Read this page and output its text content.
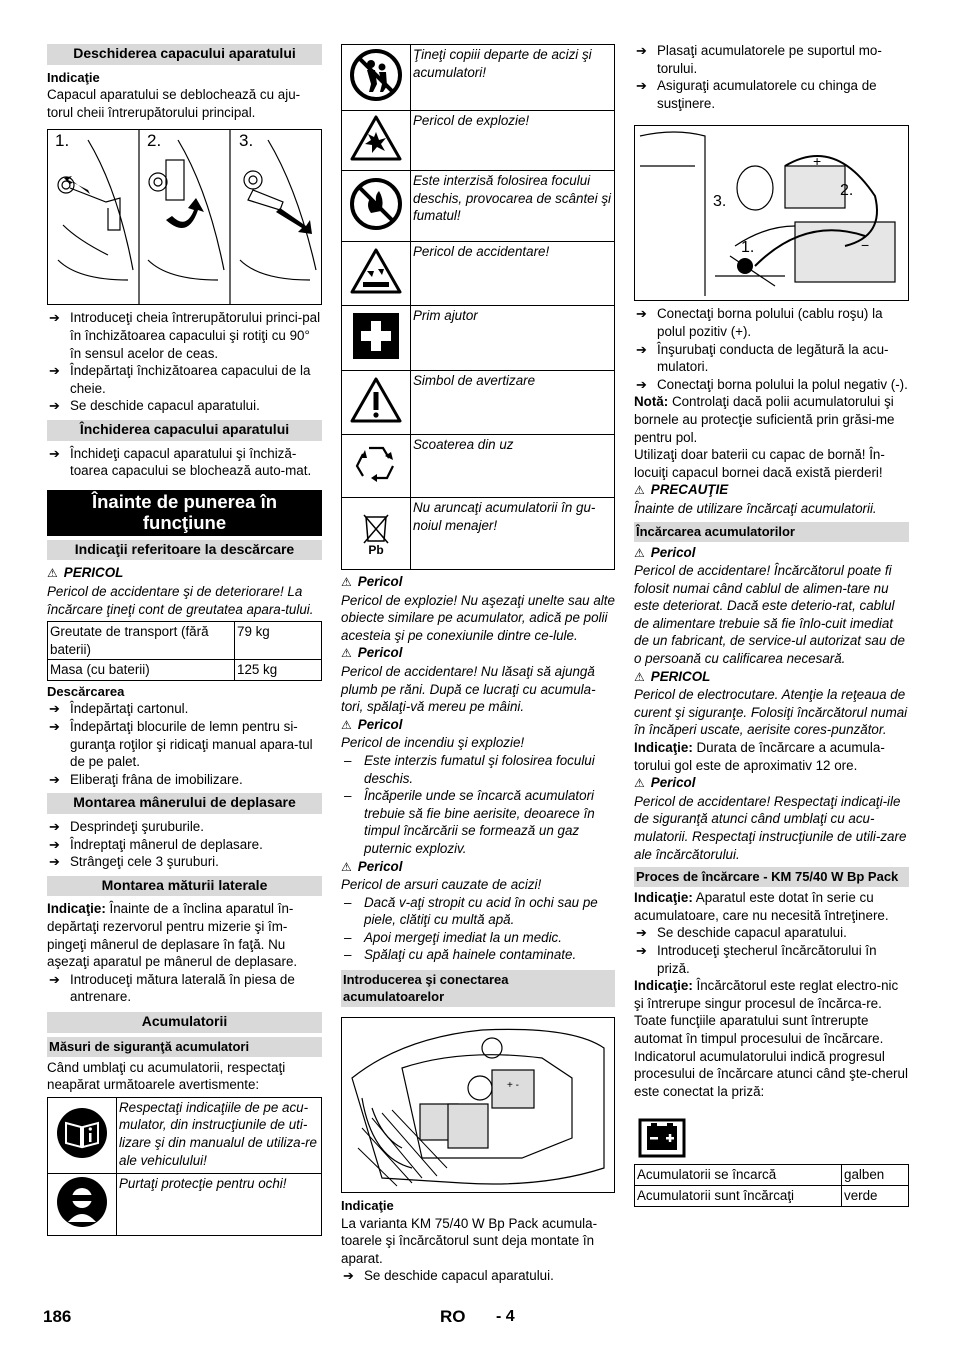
Deschiderea capacului aparatului

Indicaţie

Capacul aparatului se deblochează cu aju-torul cheii întrerupătorului principal.

1.	2.	3.

➔ Introduceţi cheia întrerupătorului princi-pal în închizătoarea capacului şi rotiţi cu 90° în sensul acelor de ceas.

➔ Îndepărtaţi închizătoarea capacului de la cheie.

➔ Se deschide capacul aparatului.

Închiderea capacului aparatului

➔ Închideţi capacul aparatului şi închiză-toarea capacului se blochează auto-mat.

Înainte de punerea în funcţiune
Indicaţii referitoare la descărcare

⚠ PERICOL

Pericol de accidentare şi de deteriorare! La încărcare ţineţi cont de greutatea apara-tului.

Greutate de transport (fără baterii)	79 kg
Masa (cu baterii)	125 kg

Descărcarea

➔ Îndepărtaţi cartonul.

➔ Îndepărtaţi blocurile de lemn pentru si-guranţa roţilor şi ridicaţi manual apara-tul de pe palet.

➔ Eliberaţi frâna de imobilizare.

Montarea mânerului de deplasare

➔ Desprindeţi şuruburile.

➔ Îndreptaţi mânerul de deplasare.

➔ Strângeţi cele 3 şuruburi.

Montarea măturii laterale

Indicaţie: Înainte de a înclina aparatul în-depărtaţi rezervorul pentru mizerie şi îm-pingeţi mânerul de deplasare în faţă. Nu aşezaţi aparatul pe mânerul de deplasare.

➔ Introduceţi mătura laterală în piesa de antrenare.

Acumulatorii
Măsuri de siguranţă acumulatori

Când umblaţi cu acumulatorii, respectaţi neapărat următoarele avertismente:

	Respectaţi indicaţiile de pe acu-mulator, din instrucţiunile de uti-lizare şi din manualul de utiliza-re ale vehiculului!
	Purtaţi protecţie pentru ochi!
	Ţineţi copiii departe de acizi şi acumulatori!
	Pericol de explozie!
	Este interzisă folosirea focului deschis, provocarea de scântei şi fumatul!
	Pericol de accidentare!
	Prim ajutor
	Simbol de avertizare
	Scoaterea din uz

Pb	Nu aruncaţi acumulatorii în gu-noiul menajer!

⚠ Pericol

Pericol de explozie! Nu aşezaţi unelte sau alte obiecte similare pe acumulator, adică pe polii acesteia şi pe conexiunile dintre ce-lule.

⚠ Pericol

Pericol de accidentare! Nu lăsaţi să ajungă plumb pe răni. După ce lucraţi cu acumula-tori, spălaţi-vă mereu pe mâini.

⚠ Pericol

Pericol de incendiu şi explozie!

– Este interzis fumatul şi folosirea focului deschis.

– Încăperile unde se încarcă acumulatori trebuie să fie bine aerisite, deoarece în timpul încărcării se formează un gaz puternic exploziv.

⚠ Pericol

Pericol de arsuri cauzate de acizi!

– Dacă v-aţi stropit cu acid în ochi sau pe piele, clătiţi cu multă apă.

– Apoi mergeţi imediat la un medic.

– Spălaţi cu apă hainele contaminate.

Introducerea şi conectarea acumulatoarelor
+ -

Indicaţie

La varianta KM 75/40 W Bp Pack acumula-toarele şi încărcătorul sunt deja montate în aparat.

➔ Se deschide capacul aparatului.

➔ Plasaţi acumulatorele pe suportul mo-torului.

➔ Asiguraţi acumulatorele cu chinga de susţinere.

2.
3.
1.
+
−

➔ Conectaţi borna polului (cablu roşu) la polul pozitiv (+).

➔ Înşurubaţi conducta de legătură la acu-mulatori.

➔ Conectaţi borna polului la polul negativ (-).

Notă: Controlaţi dacă polii acumulatorului şi bornele au protecţie suficientă prin grăsi-me pentru pol.

Utilizaţi doar baterii cu capac de bornă! În-locuiţi capacul bornei dacă există pierderi!

⚠ PRECAUŢIE

Înainte de utilizare încărcaţi acumulatorii.

Încărcarea acumulatorilor

⚠ Pericol

Pericol de accidentare! Încărcătorul poate fi folosit numai când cablul de alimen-tare nu este deteriorat. Dacă este deterio-rat, cablul de alimentare trebuie să fie înlo-cuit imediat de un fabricant, de service-ul autorizat sau de o persoană cu calificarea necesară.

⚠ PERICOL

Pericol de electrocutare. Atenţie la reţeaua de curent şi siguranţe. Folosiţi încărcătorul numai în încăperi uscate, aerisite cores-punzător.

Indicaţie: Durata de încărcare a acumula-torului gol este de aproximativ 12 ore.

⚠ Pericol

Pericol de accidentare! Respectaţi indicaţi-ile de siguranţă atunci când umblaţi cu acu-mulatorii. Respectaţi instrucţiunile de utili-zare ale încărcătorului.

Proces de încărcare - KM 75/40 W Bp Pack

Indicaţie: Aparatul este dotat în serie cu acumulatoare, care nu necesită întreţinere.

➔ Se deschide capacul aparatului.

➔ Introduceţi ştecherul încărcătorului în priză.

Indicaţie: Încărcătorul este reglat electro-nic şi întrerupe singur procesul de încărca-re. Toate funcţiile aparatului sunt întrerupte automat în timpul procesului de încărcare. Indicatorul acumulatorului indică progresul procesului de încărcare atunci când şte-cherul este conectat la priză:

Acumulatorii se încarcă	galben
Acumulatorii sunt încărcaţi	verde
186	RO - 4
